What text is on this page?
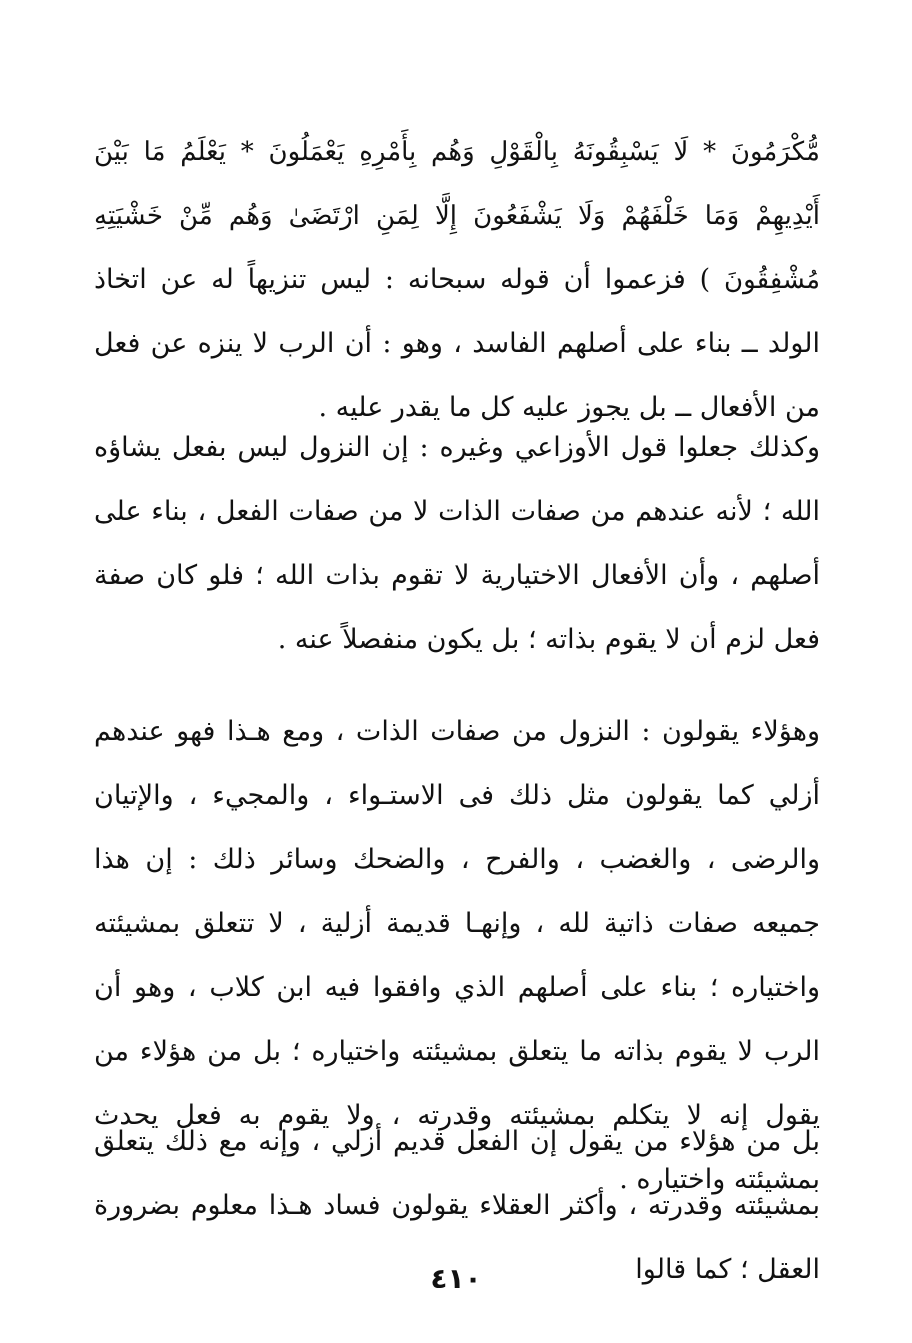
مُّكْرَمُونَ * لَا يَسْبِقُونَهُ بِالْقَوْلِ وَهُم بِأَمْرِهِ يَعْمَلُونَ * يَعْلَمُ مَا بَيْنَ أَيْدِيهِمْ وَمَا خَلْفَهُمْ وَلَا يَشْفَعُونَ إِلَّا لِمَنِ ارْتَضَىٰ وَهُم مِّنْ خَشْيَتِهِ مُشْفِقُونَ ) فزعموا أن قوله سبحانه : ليس تنزيهاً له عن اتخاذ الولد ــ بناء على أصلهم الفاسد ، وهو : أن الرب لا ينزه عن فعل من الأفعال ــ بل يجوز عليه كل ما يقدر عليه .

وكذلك جعلوا قول الأوزاعي وغيره : إن النزول ليس بفعل يشاؤه الله ؛ لأنه عندهم من صفات الذات لا من صفات الفعل ، بناء على أصلهم ، وأن الأفعال الاختيارية لا تقوم بذات الله ؛ فلو كان صفة فعل لزم أن لا يقوم بذاته ؛ بل يكون منفصلاً عنه .

وهؤلاء يقولون : النزول من صفات الذات ، ومع هـذا فهو عندهم أزلي كما يقولون مثل ذلك فى الاستـواء ، والمجيء ، والإتيان والرضى ، والغضب ، والفرح ، والضحك وسائر ذلك : إن هذا جميعه صفات ذاتية لله ، وإنهـا قديمة أزلية ، لا تتعلق بمشيئته واختياره ؛ بناء على أصلهم الذي وافقوا فيه ابن كلاب ، وهو أن الرب لا يقوم بذاته ما يتعلق بمشيئته واختياره ؛ بل من هؤلاء من يقول إنه لا يتكلم بمشيئته وقدرته ، ولا يقوم به فعل يحدث بمشيئته واختياره .

بل من هؤلاء من يقول إن الفعل قديم أزلي ، وإنه مع ذلك يتعلق بمشيئته وقدرته ، وأكثر العقلاء يقولون فساد هـذا معلوم بضرورة العقل ؛ كما قالوا

٤١٠
